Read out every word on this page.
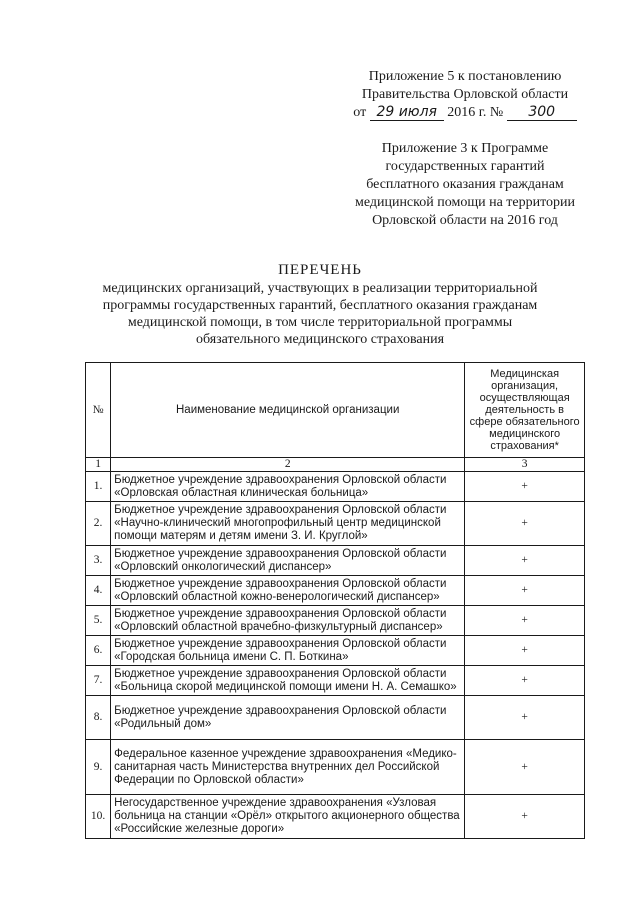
Приложение 5 к постановлению
Правительства Орловской области
от 29 июля 2016 г. № 300
Приложение 3 к Программе
государственных гарантий
бесплатного оказания гражданам
медицинской помощи на территории
Орловской области на 2016 год
ПЕРЕЧЕНЬ
медицинских организаций, участвующих в реализации территориальной
программы государственных гарантий, бесплатного оказания гражданам
медицинской помощи, в том числе территориальной программы
обязательного медицинского страхования
№	Наименование медицинской организации	Медицинская организация, осуществляющая деятельность в сфере обязательного медицинского страхования*
1	2	3
1.	Бюджетное учреждение здравоохранения Орловской области
«Орловская областная клиническая больница»	+
2.	Бюджетное учреждение здравоохранения Орловской области
«Научно-клинический многопрофильный центр медицинской
помощи матерям и детям имени З. И. Круглой»	+
3.	Бюджетное учреждение здравоохранения Орловской области
«Орловский онкологический диспансер»	+
4.	Бюджетное учреждение здравоохранения Орловской области
«Орловский областной кожно-венерологический диспансер»	+
5.	Бюджетное учреждение здравоохранения Орловской области
«Орловский областной врачебно-физкультурный диспансер»	+
6.	Бюджетное учреждение здравоохранения Орловской области
«Городская больница имени С. П. Боткина»	+
7.	Бюджетное учреждение здравоохранения Орловской области
«Больница скорой медицинской помощи имени Н. А. Семашко»	+
8.	Бюджетное учреждение здравоохранения Орловской области
«Родильный дом»	+
9.	Федеральное казенное учреждение здравоохранения «Медико-
санитарная часть Министерства внутренних дел Российской
Федерации по Орловской области»	+
10.	Негосударственное учреждение здравоохранения «Узловая
больница на станции «Орёл» открытого акционерного общества
«Российские железные дороги»	+
